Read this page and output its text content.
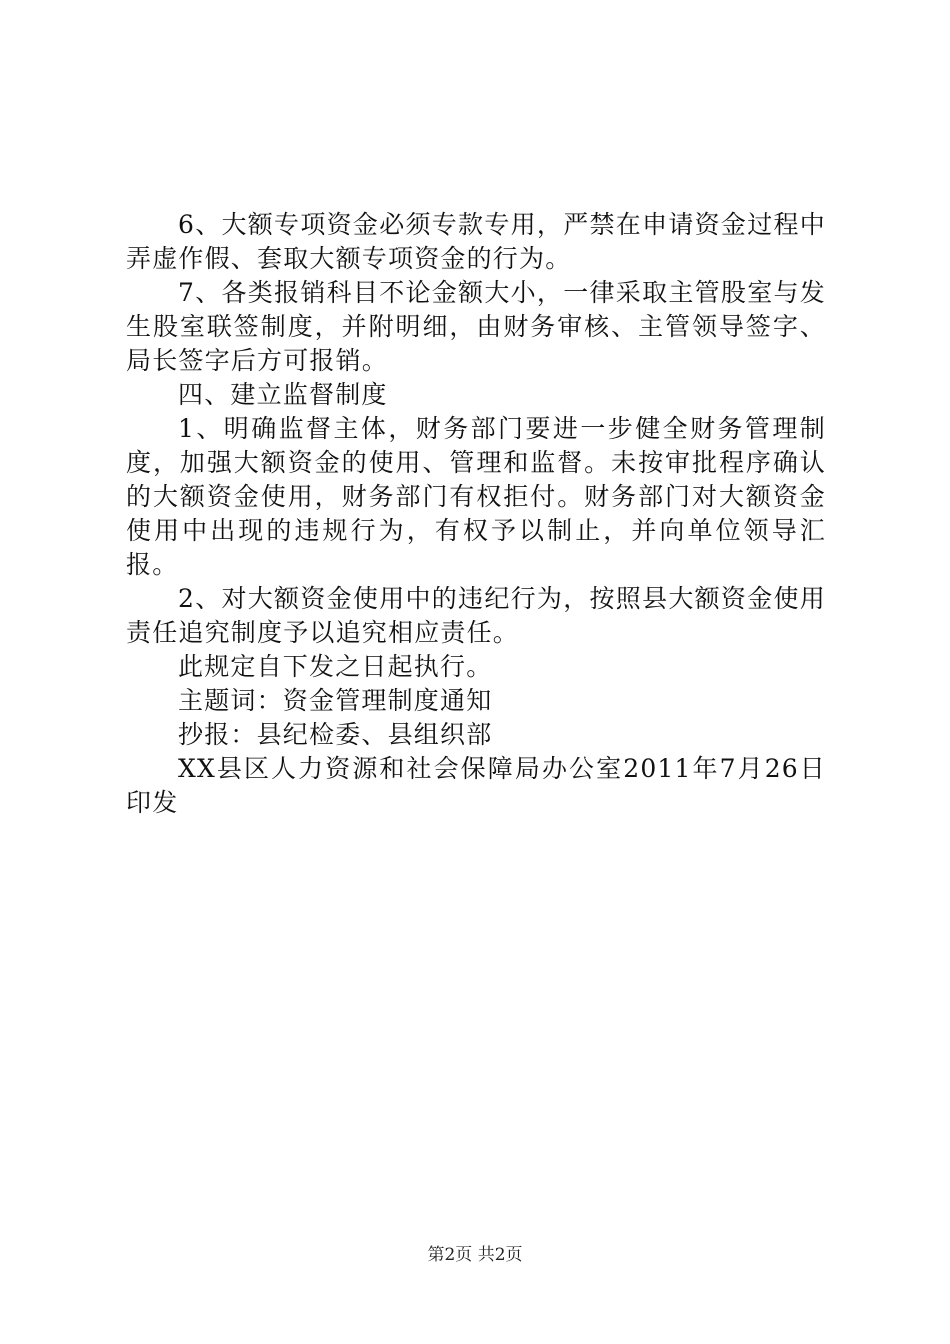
6、大额专项资金必须专款专用，严禁在申请资金过程中弄虚作假、套取大额专项资金的行为。

7、各类报销科目不论金额大小，一律采取主管股室与发生股室联签制度，并附明细，由财务审核、主管领导签字、局长签字后方可报销。

四、建立监督制度

1、明确监督主体，财务部门要进一步健全财务管理制度，加强大额资金的使用、管理和监督。未按审批程序确认的大额资金使用，财务部门有权拒付。财务部门对大额资金使用中出现的违规行为，有权予以制止，并向单位领导汇报。

2、对大额资金使用中的违纪行为，按照县大额资金使用责任追究制度予以追究相应责任。

此规定自下发之日起执行。

主题词：资金管理制度通知

抄报：县纪检委、县组织部

XX县区人力资源和社会保障局办公室2011年7月26日印发

第2页 共2页
